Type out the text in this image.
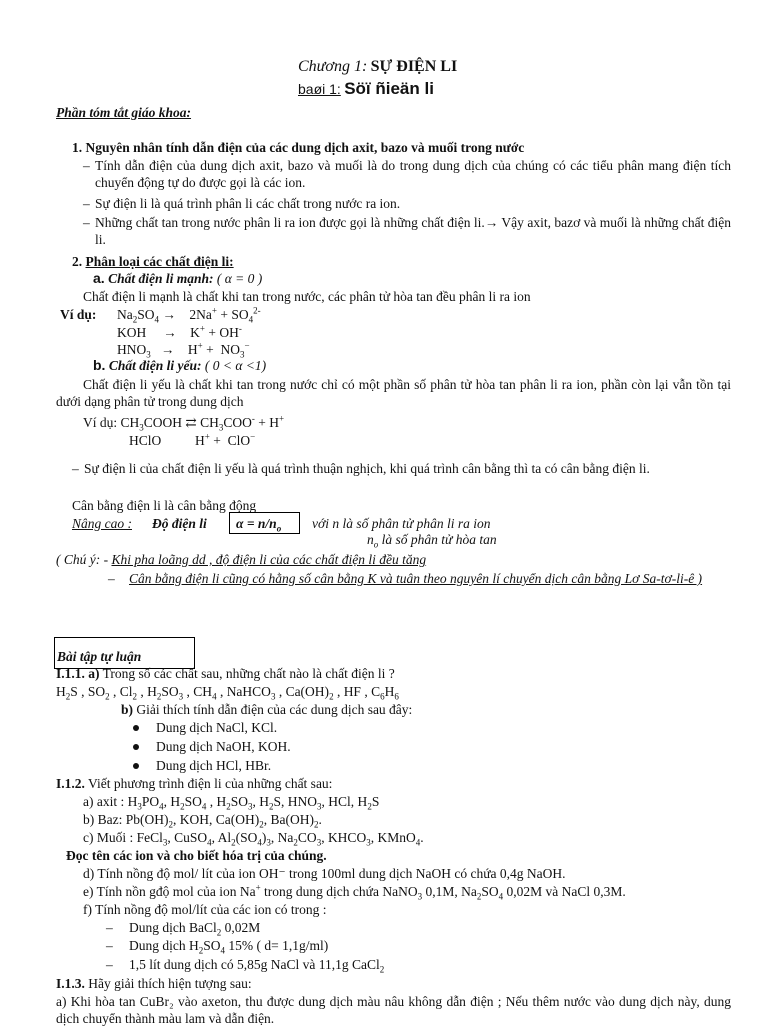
Chương 1: SỰ ĐIỆN LI
baøi 1: Söï ñieän li
Phần tóm tắt giáo khoa:
1. Nguyên nhân tính dẫn điện của các dung dịch axit, bazo và muối trong nước
– Tính dẫn điện của dung dịch axit, bazo và muối là do trong dung dịch của chúng có các tiểu phân mang điện tích chuyển động tự do được gọi là các ion.
– Sự điện li là quá trình phân li các chất trong nước ra ion.
– Những chất tan trong nước phân li ra ion được gọi là những chất điện li.→ Vậy axit, bazơ và muối là những chất điện li.
2. Phân loại các chất điện li:
a. Chất điện li mạnh: ( α = 0 )
Chất điện li mạnh là chất khi tan trong nước, các phân tử hòa tan đều phân li ra ion
Ví dụ: $Na_2SO_4$ →    $2Na^+ + SO_4^{2-}$
KOH     →    K+ + OH-
$HNO_3$   →    $H^+ + NO_3^-$
b. Chất điện li yếu: ( 0 < α <1)
Chất điện li yếu là chất khi tan trong nước chỉ có một phần số phân tử hòa tan phân li ra ion, phần còn lại vẫn tồn tại dưới dạng phân tử trong dung dịch
Ví dụ: $CH_3COOH$ ⇄ $CH_3COO^- + H^+$
HClO          H+ +  ClO−
– Sự điện li của chất điện li yếu là quá trình thuận nghịch, khi quá trình cân bằng thì ta có cân bằng điện li.
Cân bằng điện li là cân bằng động
Nâng cao : Độ điện li $\alpha = n/n_o$ với n là số phân tử phân li ra ion
$n_o$ là số phân tử hòa tan
( Chú ý: - Khi pha loãng dd , độ điện li của các chất điện li đều tăng
– Cân bằng điện li cũng có hằng số cân bằng K và tuân theo nguyên lí chuyển dịch cân bằng Lơ Sa-tơ-li-ê )
Bài tập tự luận
I.1.1. a) Trong số các chất sau, những chất nào là chất điện li ?
$H_2S$ , $SO_2$ , $Cl_2$ , $H_2SO_3$ , $CH_4$ , NaHCO$_3$ , $Ca(OH)_2$ , HF , $C_6H_6$
b) Giải thích tính dẫn điện của các dung dịch sau đây:
Dung dịch NaCl, KCl.
Dung dịch NaOH, KOH.
Dung dịch HCl, HBr.
I.1.2. Viết phương trình điện li của những chất sau:
a) axit : $H_3PO_4$, $H_2SO_4$ , $H_2SO_3$, $H_2S$, $HNO_3$, HCl, $H_2S$
b) Baz: $Pb(OH)_2$, KOH, $Ca(OH)_2$, $Ba(OH)_2$.
c) Muối : FeCl$_3$, CuSO$_4$, $Al_2(SO_4)_3$, $Na_2CO_3$, $KHCO_3$, KMnO$_4$.
Đọc tên các ion và cho biết hóa trị của chúng.
d) Tính nồng độ mol/ lít của ion OH⁻ trong 100ml dung dịch NaOH có chứa 0,4g NaOH.
e) Tính nồn gđộ mol của ion Na+ trong dung dịch chứa NaNO$_3$ 0,1M, $Na_2SO_4$ 0,02M và NaCl 0,3M.
f) Tính nồng độ mol/lít của các ion có trong :
– Dung dịch BaCl$_2$ 0,02M
– Dung dịch $H_2SO_4$ 15% ( d= 1,1g/ml)
– 1,5 lít dung dịch có 5,85g NaCl và 11,1g CaCl$_2$
I.1.3. Hãy giải thích hiện tượng sau:
a) Khi hòa tan CuBr₂ vào axeton, thu được dung dịch màu nâu không dẫn điện ; Nếu thêm nước vào dung dịch này, dung dịch chuyển thành màu lam và dẫn điện.
